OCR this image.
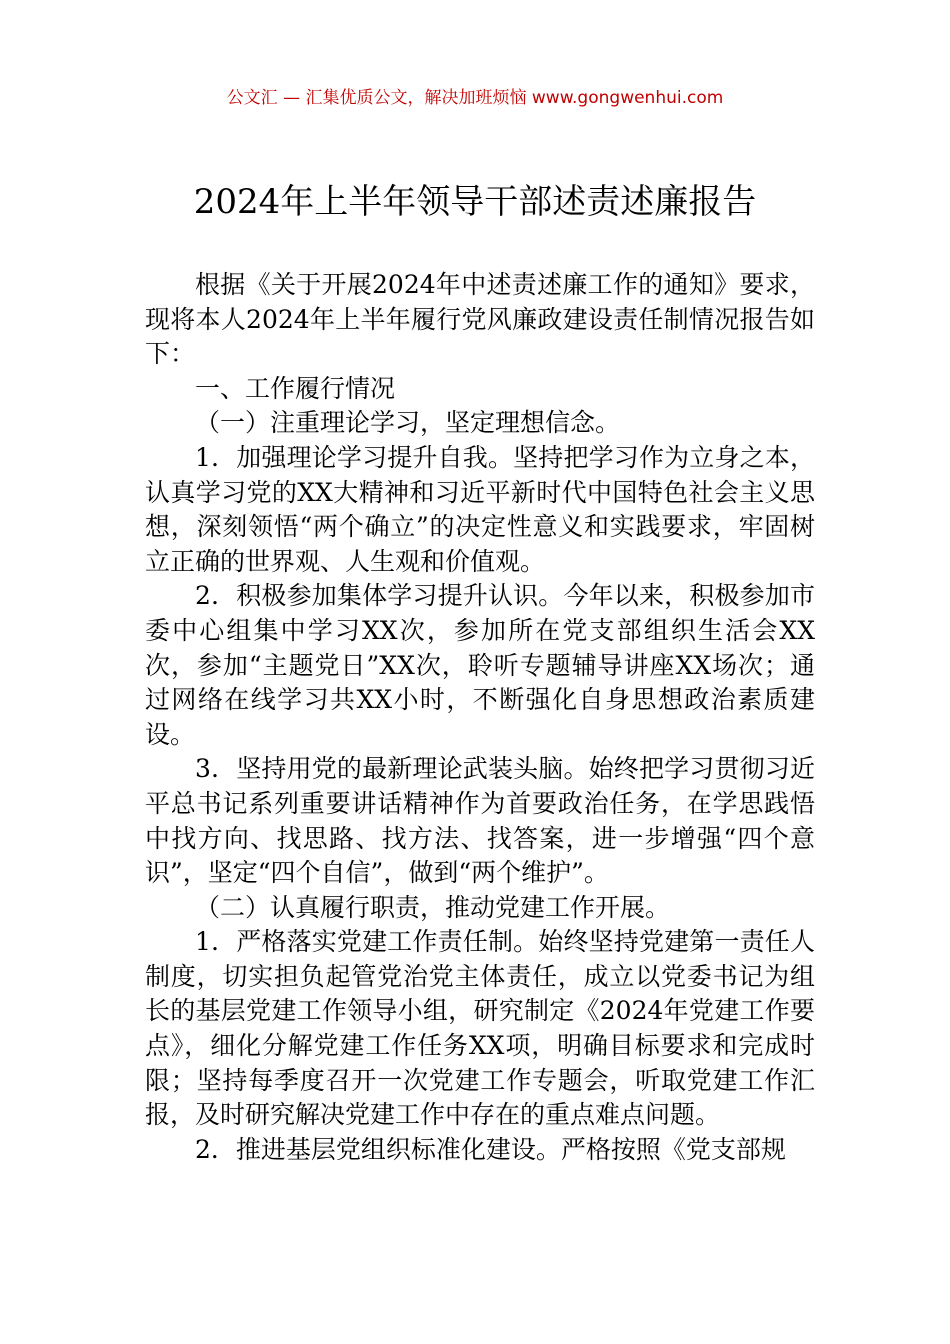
公文汇 — 汇集优质公文，解决加班烦恼 www.gongwenhui.com
2024年上半年领导干部述责述廉报告

根据《关于开展2024年中述责述廉工作的通知》要求，现将本人2024年上半年履行党风廉政建设责任制情况报告如下：

一、工作履行情况

（一）注重理论学习，坚定理想信念。

1．加强理论学习提升自我。坚持把学习作为立身之本，认真学习党的XX大精神和习近平新时代中国特色社会主义思想，深刻领悟“两个确立”的决定性意义和实践要求，牢固树立正确的世界观、人生观和价值观。

2．积极参加集体学习提升认识。今年以来，积极参加市委中心组集中学习XX次，参加所在党支部组织生活会XX次，参加“主题党日”XX次，聆听专题辅导讲座XX场次；通过网络在线学习共XX小时，不断强化自身思想政治素质建设。

3．坚持用党的最新理论武装头脑。始终把学习贯彻习近平总书记系列重要讲话精神作为首要政治任务，在学思践悟中找方向、找思路、找方法、找答案，进一步增强“四个意识”，坚定“四个自信”，做到“两个维护”。

（二）认真履行职责，推动党建工作开展。

1．严格落实党建工作责任制。始终坚持党建第一责任人制度，切实担负起管党治党主体责任，成立以党委书记为组长的基层党建工作领导小组，研究制定《2024年党建工作要点》，细化分解党建工作任务XX项，明确目标要求和完成时限；坚持每季度召开一次党建工作专题会，听取党建工作汇报，及时研究解决党建工作中存在的重点难点问题。

2．推进基层党组织标准化建设。严格按照《党支部规
